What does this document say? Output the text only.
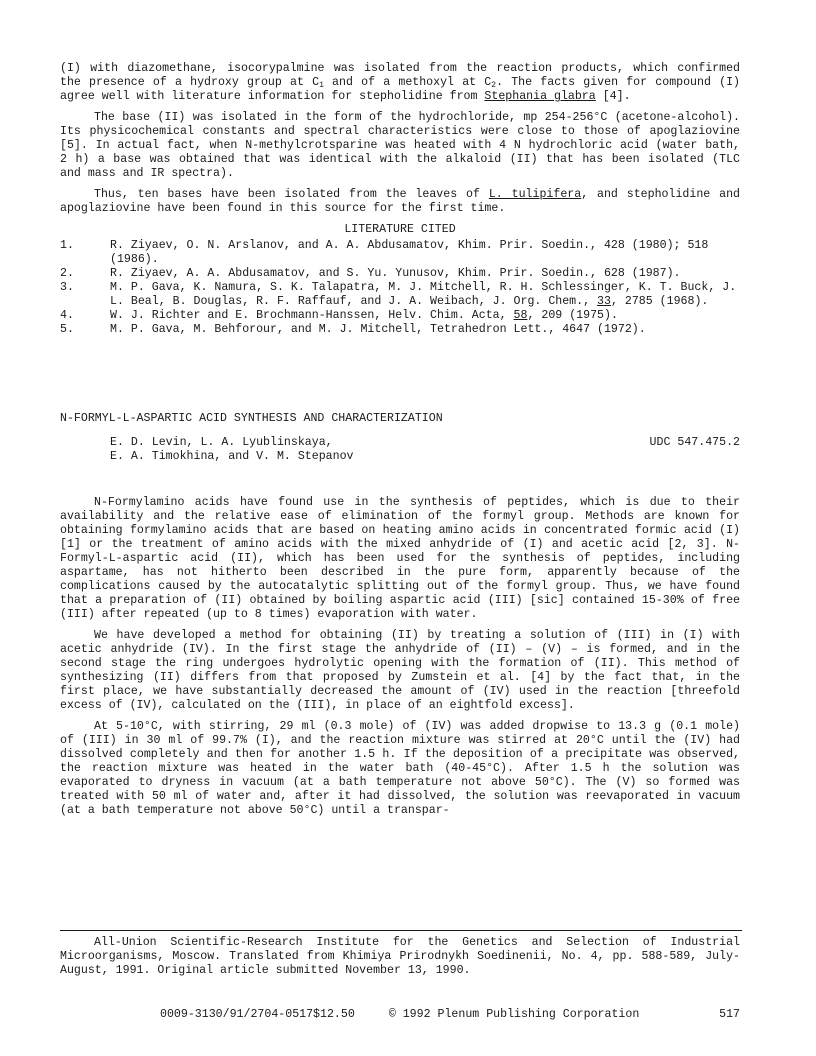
(I) with diazomethane, isocorypalmine was isolated from the reaction products, which confirmed the presence of a hydroxy group at $C_1$ and of a methoxyl at $C_2$. The facts given for compound (I) agree well with literature information for stepholidine from Stephania glabra [4].

The base (II) was isolated in the form of the hydrochloride, mp 254-256°C (acetone-alcohol). Its physicochemical constants and spectral characteristics were close to those of apoglaziovine [5]. In actual fact, when N-methylcrotsparine was heated with 4 N hydrochloric acid (water bath, 2 h) a base was obtained that was identical with the alkaloid (II) that has been isolated (TLC and mass and IR spectra).

Thus, ten bases have been isolated from the leaves of L. tulipifera, and stepholidine and apoglaziovine have been found in this source for the first time.

LITERATURE CITED
1.	R. Ziyaev, O. N. Arslanov, and A. A. Abdusamatov, Khim. Prir. Soedin., 428 (1980); 518 (1986).
2.	R. Ziyaev, A. A. Abdusamatov, and S. Yu. Yunusov, Khim. Prir. Soedin., 628 (1987).
3.	M. P. Gava, K. Namura, S. K. Talapatra, M. J. Mitchell, R. H. Schlessinger, K. T. Buck, J. L. Beal, B. Douglas, R. F. Raffauf, and J. A. Weibach, J. Org. Chem., 33, 2785 (1968).
4.	W. J. Richter and E. Brochmann-Hanssen, Helv. Chim. Acta, 58, 209 (1975).
5.	M. P. Gava, M. Behforour, and M. J. Mitchell, Tetrahedron Lett., 4647 (1972).
N-FORMYL-L-ASPARTIC ACID SYNTHESIS AND CHARACTERIZATION
E. D. Levin, L. A. Lyublinskaya,
E. A. Timokhina, and V. M. Stepanov
UDC 547.475.2

N-Formylamino acids have found use in the synthesis of peptides, which is due to their availability and the relative ease of elimination of the formyl group. Methods are known for obtaining formylamino acids that are based on heating amino acids in concentrated formic acid (I) [1] or the treatment of amino acids with the mixed anhydride of (I) and acetic acid [2, 3]. N-Formyl-L-aspartic acid (II), which has been used for the synthesis of peptides, including aspartame, has not hitherto been described in the pure form, apparently because of the complications caused by the autocatalytic splitting out of the formyl group. Thus, we have found that a preparation of (II) obtained by boiling aspartic acid (III) [sic] contained 15-30% of free (III) after repeated (up to 8 times) evaporation with water.

We have developed a method for obtaining (II) by treating a solution of (III) in (I) with acetic anhydride (IV). In the first stage the anhydride of (II) – (V) – is formed, and in the second stage the ring undergoes hydrolytic opening with the formation of (II). This method of synthesizing (II) differs from that proposed by Zumstein et al. [4] by the fact that, in the first place, we have substantially decreased the amount of (IV) used in the reaction [threefold excess of (IV), calculated on the (III), in place of an eightfold excess].

At 5-10°C, with stirring, 29 ml (0.3 mole) of (IV) was added dropwise to 13.3 g (0.1 mole) of (III) in 30 ml of 99.7% (I), and the reaction mixture was stirred at 20°C until the (IV) had dissolved completely and then for another 1.5 h. If the deposition of a precipitate was observed, the reaction mixture was heated in the water bath (40-45°C). After 1.5 h the solution was evaporated to dryness in vacuum (at a bath temperature not above 50°C). The (V) so formed was treated with 50 ml of water and, after it had dissolved, the solution was reevaporated in vacuum (at a bath temperature not above 50°C) until a transpar-

All-Union Scientific-Research Institute for the Genetics and Selection of Industrial Microorganisms, Moscow. Translated from Khimiya Prirodnykh Soedinenii, No. 4, pp. 588-589, July-August, 1991. Original article submitted November 13, 1990.

0009-3130/91/2704-0517$12.50	© 1992 Plenum Publishing Corporation	517
